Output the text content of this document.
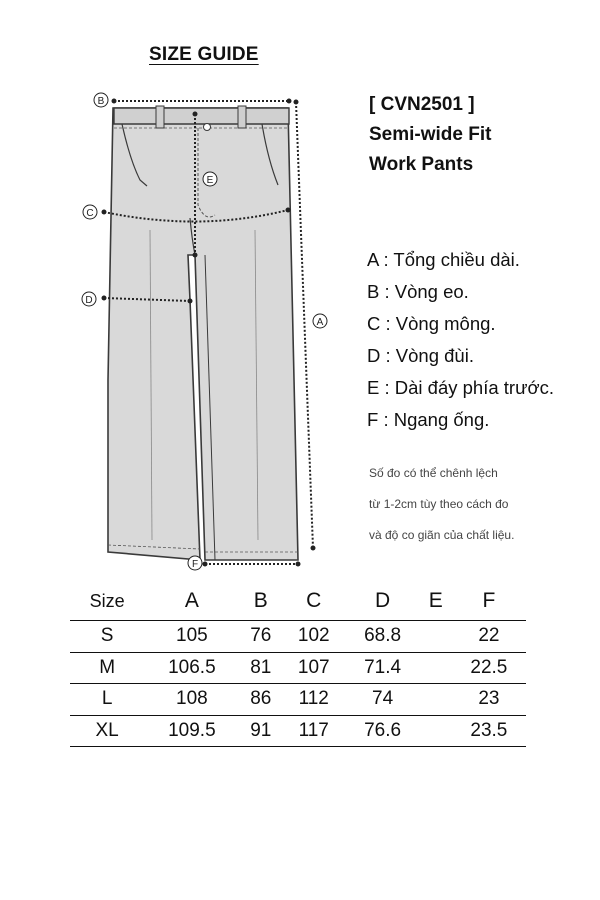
SIZE GUIDE
B
E
C
D
A
F
[ CVN2501 ]
Semi-wide Fit
Work Pants
A : Tổng chiều dài.
B : Vòng eo.
C : Vòng mông.
D : Vòng đùi.
E : Dài đáy phía trước.
F : Ngang ống.
Số đo có thể chênh lệch
từ 1-2cm tùy theo cách đo
và độ co giãn của chất liệu.
Size	A	B	C	D	E	F
S	105	76	102	68.8		22
M	106.5	81	107	71.4		22.5
L	108	86	112	74		23
XL	109.5	91	117	76.6		23.5
